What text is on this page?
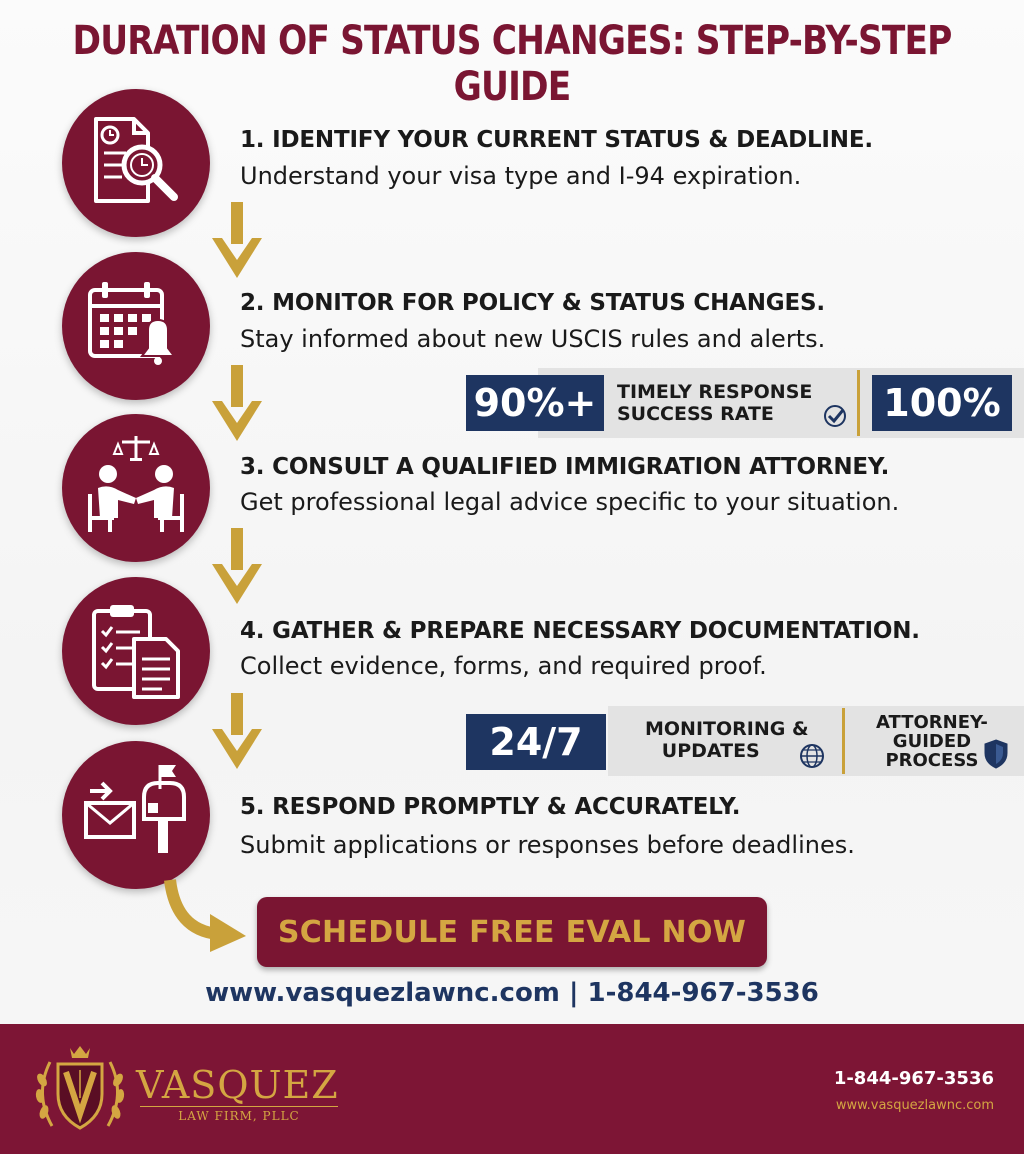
DURATION OF STATUS CHANGES: STEP-BY-STEP GUIDE
1. IDENTIFY YOUR CURRENT STATUS & DEADLINE.
Understand your visa type and I-94 expiration.
2. MONITOR FOR POLICY & STATUS CHANGES.
Stay informed about new USCIS rules and alerts.
90%+	TIMELY RESPONSE
SUCCESS RATE	100%
3. CONSULT A QUALIFIED IMMIGRATION ATTORNEY.
Get professional legal advice specific to your situation.
4. GATHER & PREPARE NECESSARY DOCUMENTATION.
Collect evidence, forms, and required proof.
24/7	MONITORING &
UPDATES
ATTORNEY-
GUIDED
PROCESS
5. RESPOND PROMPTLY & ACCURATELY.
Submit applications or responses before deadlines.
SCHEDULE FREE EVAL NOW
www.vasquezlawnc.com | 1-844-967-3536
VASQUEZ
LAW FIRM, PLLC
1-844-967-3536
www.vasquezlawnc.com
